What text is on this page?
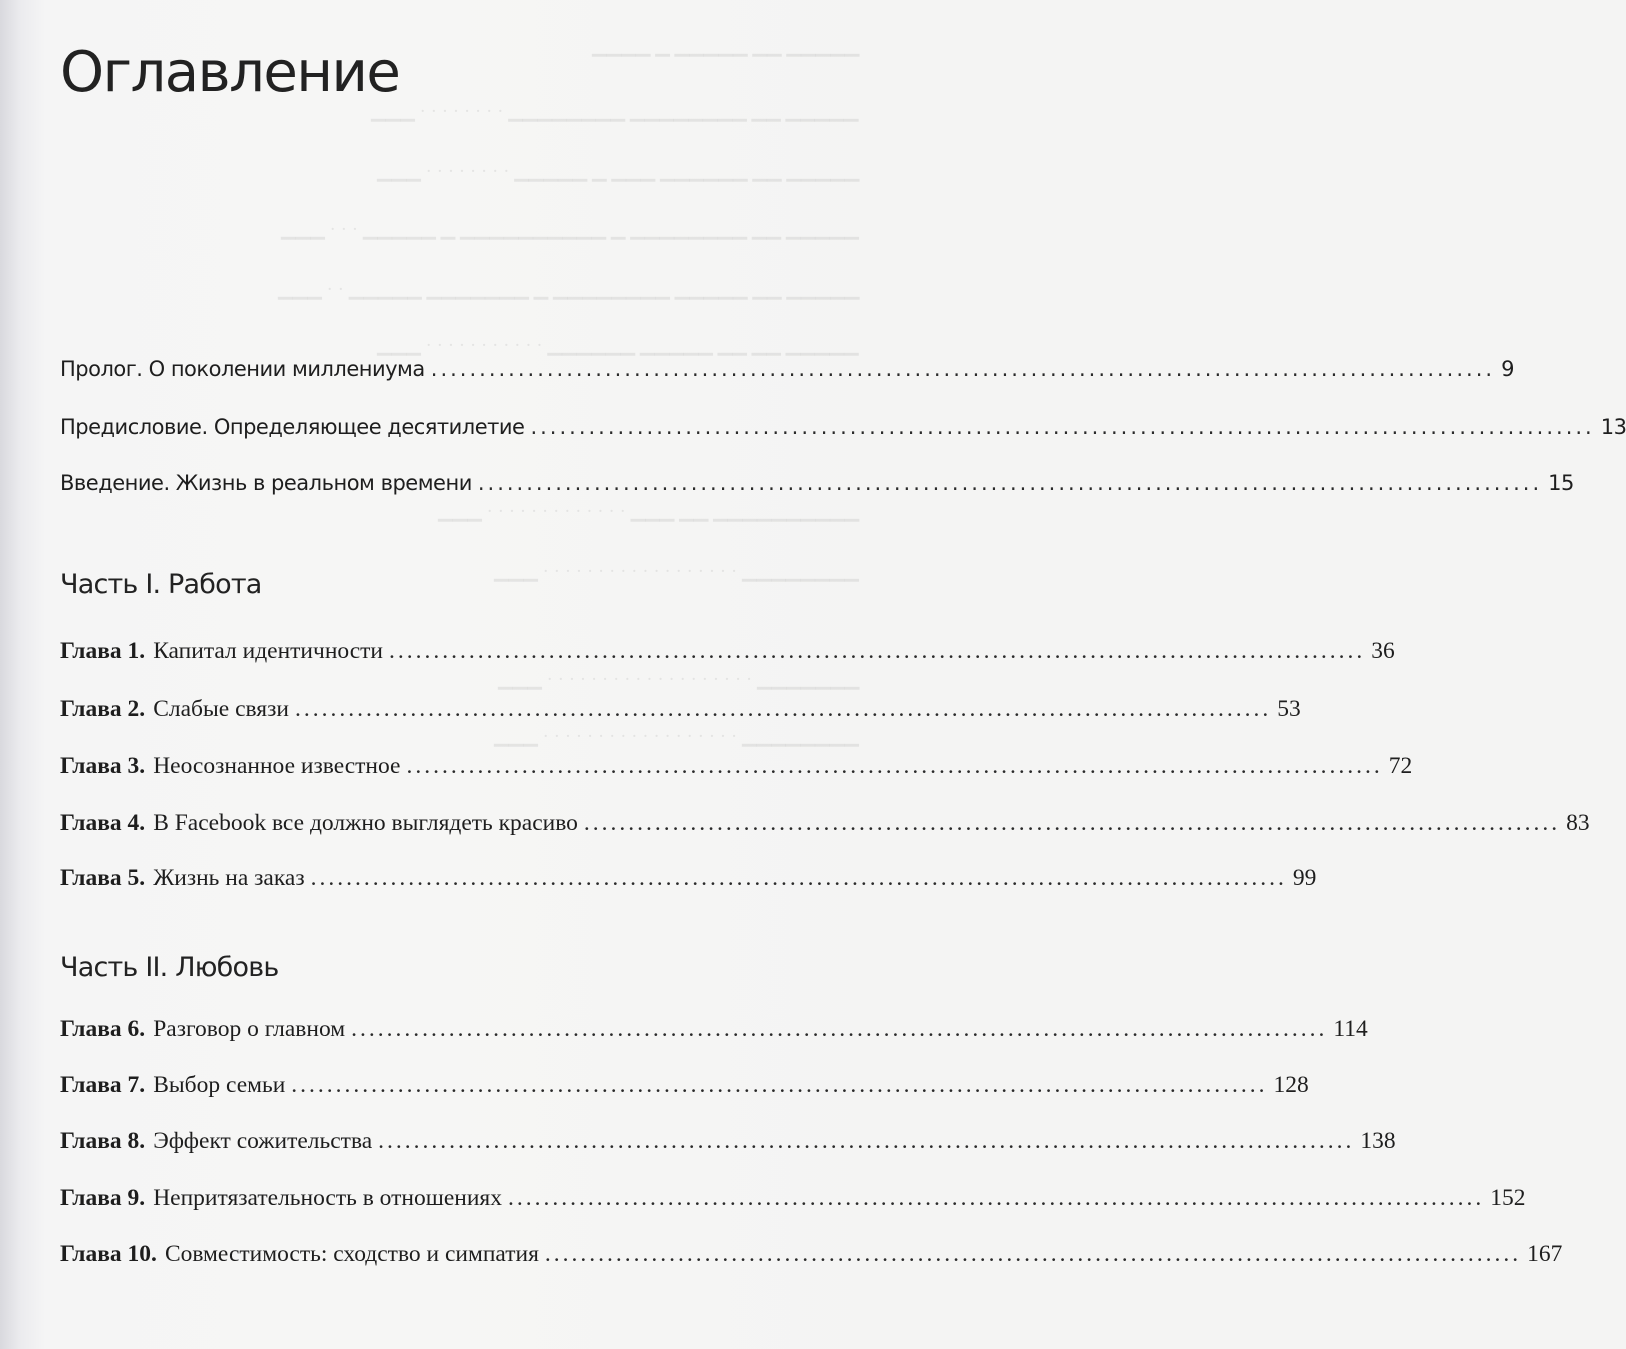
▁▁▁▁▁ ▁▁ ▁▁▁▁▁ ▁ ▁▁▁▁
▁▁▁▁▁ ▁▁ ▁▁▁▁▁▁▁▁ ▁▁▁▁▁▁▁▁ · · · · · · · · ▁▁▁
▁▁▁▁▁ ▁▁ ▁▁▁▁▁▁ ▁▁▁ ▁ ▁▁▁▁▁ · · · · · · · · ▁▁▁
▁▁▁▁▁ ▁▁ ▁▁▁▁▁▁▁▁ ▁ ▁▁▁▁▁▁▁▁▁▁ ▁ ▁▁▁▁▁ · · · ▁▁▁
▁▁▁▁▁ ▁▁ ▁▁▁▁▁ ▁▁▁▁▁▁▁▁ ▁ ▁▁▁▁▁▁▁ ▁▁▁▁▁ · · ▁▁▁
▁▁▁▁▁ ▁▁ ▁▁ ▁▁▁▁▁ ▁▁▁▁▁▁ · · · · · · · · · · · ▁▁▁
▁▁▁▁▁▁▁▁▁▁ ▁▁ ▁▁▁ · · · · · · · · · · · · · ▁▁▁
▁▁▁▁▁▁▁▁ · · · · · · · · · · · · · · · · · · ▁▁▁
▁▁▁▁▁▁▁ · · · · · · · · · · · · · · · · · · · ▁▁▁
▁▁▁▁▁▁▁▁ · · · · · · · · · · · · · · · · · · ▁▁▁
Оглавление
Пролог. О поколении миллениума .............................................................................................................. 9
Предисловие. Определяющее десятилетие .............................................................................................................. 13
Введение. Жизнь в реальном времени .............................................................................................................. 15
Часть I. Работа
Глава 1. Капитал идентичности .............................................................................................................. 36
Глава 2. Слабые связи .............................................................................................................. 53
Глава 3. Неосознанное известное .............................................................................................................. 72
Глава 4. В Facebook все должно выглядеть красиво .............................................................................................................. 83
Глава 5. Жизнь на заказ .............................................................................................................. 99
Часть II. Любовь
Глава 6. Разговор о главном .............................................................................................................. 114
Глава 7. Выбор семьи .............................................................................................................. 128
Глава 8. Эффект сожительства .............................................................................................................. 138
Глава 9. Непритязательность в отношениях .............................................................................................................. 152
Глава 10. Совместимость: сходство и симпатия .............................................................................................................. 167
